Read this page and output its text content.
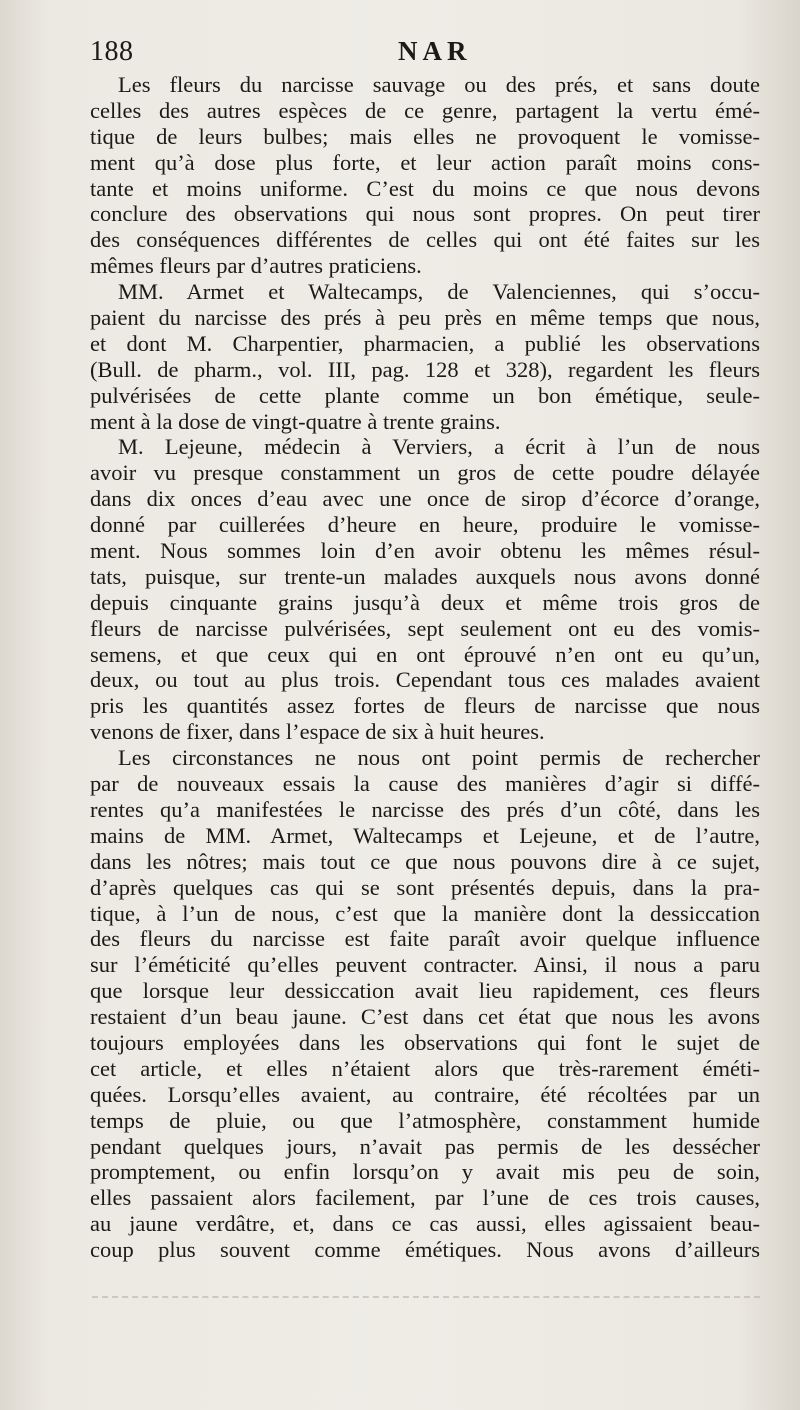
188	NAR
Les fleurs du narcisse sauvage ou des prés, et sans doute
celles des autres espèces de ce genre, partagent la vertu émé-
tique de leurs bulbes; mais elles ne provoquent le vomisse-
ment qu’à dose plus forte, et leur action paraît moins cons-
tante et moins uniforme. C’est du moins ce que nous devons
conclure des observations qui nous sont propres. On peut tirer
des conséquences différentes de celles qui ont été faites sur les
mêmes fleurs par d’autres praticiens.
MM. Armet et Waltecamps, de Valenciennes, qui s’occu-
paient du narcisse des prés à peu près en même temps que nous,
et dont M. Charpentier, pharmacien, a publié les observations
(Bull. de pharm., vol. III, pag. 128 et 328), regardent les fleurs
pulvérisées de cette plante comme un bon émétique, seule-
ment à la dose de vingt-quatre à trente grains.
M. Lejeune, médecin à Verviers, a écrit à l’un de nous
avoir vu presque constamment un gros de cette poudre délayée
dans dix onces d’eau avec une once de sirop d’écorce d’orange,
donné par cuillerées d’heure en heure, produire le vomisse-
ment. Nous sommes loin d’en avoir obtenu les mêmes résul-
tats, puisque, sur trente-un malades auxquels nous avons donné
depuis cinquante grains jusqu’à deux et même trois gros de
fleurs de narcisse pulvérisées, sept seulement ont eu des vomis-
semens, et que ceux qui en ont éprouvé n’en ont eu qu’un,
deux, ou tout au plus trois. Cependant tous ces malades avaient
pris les quantités assez fortes de fleurs de narcisse que nous
venons de fixer, dans l’espace de six à huit heures.
Les circonstances ne nous ont point permis de rechercher
par de nouveaux essais la cause des manières d’agir si diffé-
rentes qu’a manifestées le narcisse des prés d’un côté, dans les
mains de MM. Armet, Waltecamps et Lejeune, et de l’autre,
dans les nôtres; mais tout ce que nous pouvons dire à ce sujet,
d’après quelques cas qui se sont présentés depuis, dans la pra-
tique, à l’un de nous, c’est que la manière dont la dessiccation
des fleurs du narcisse est faite paraît avoir quelque influence
sur l’éméticité qu’elles peuvent contracter. Ainsi, il nous a paru
que lorsque leur dessiccation avait lieu rapidement, ces fleurs
restaient d’un beau jaune. C’est dans cet état que nous les avons
toujours employées dans les observations qui font le sujet de
cet article, et elles n’étaient alors que très-rarement éméti-
quées. Lorsqu’elles avaient, au contraire, été récoltées par un
temps de pluie, ou que l’atmosphère, constamment humide
pendant quelques jours, n’avait pas permis de les dessécher
promptement, ou enfin lorsqu’on y avait mis peu de soin,
elles passaient alors facilement, par l’une de ces trois causes,
au jaune verdâtre, et, dans ce cas aussi, elles agissaient beau-
coup plus souvent comme émétiques. Nous avons d’ailleurs
